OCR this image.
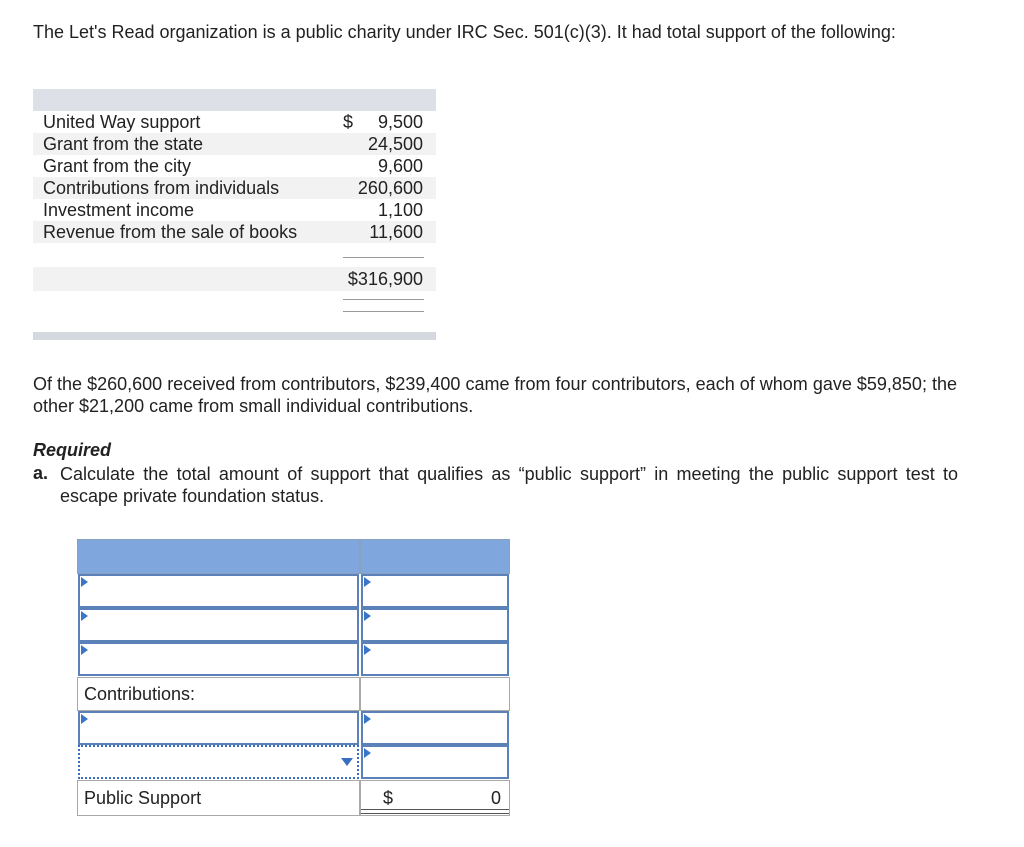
The Let's Read organization is a public charity under IRC Sec. 501(c)(3). It had total support of the following:

United Way support	$ 9,500
Grant from the state	24,500
Grant from the city	9,600
Contributions from individuals	260,600
Investment income	1,100
Revenue from the sale of books	11,600
$316,900

Of the $260,600 received from contributors, $239,400 came from four contributors, each of whom gave $59,850; the other $21,200 came from small individual contributions.

Required
a. Calculate the total amount of support that qualifies as “public support” in meeting the public support test to escape private foundation status.
Contributions:
Public Support	$	0
